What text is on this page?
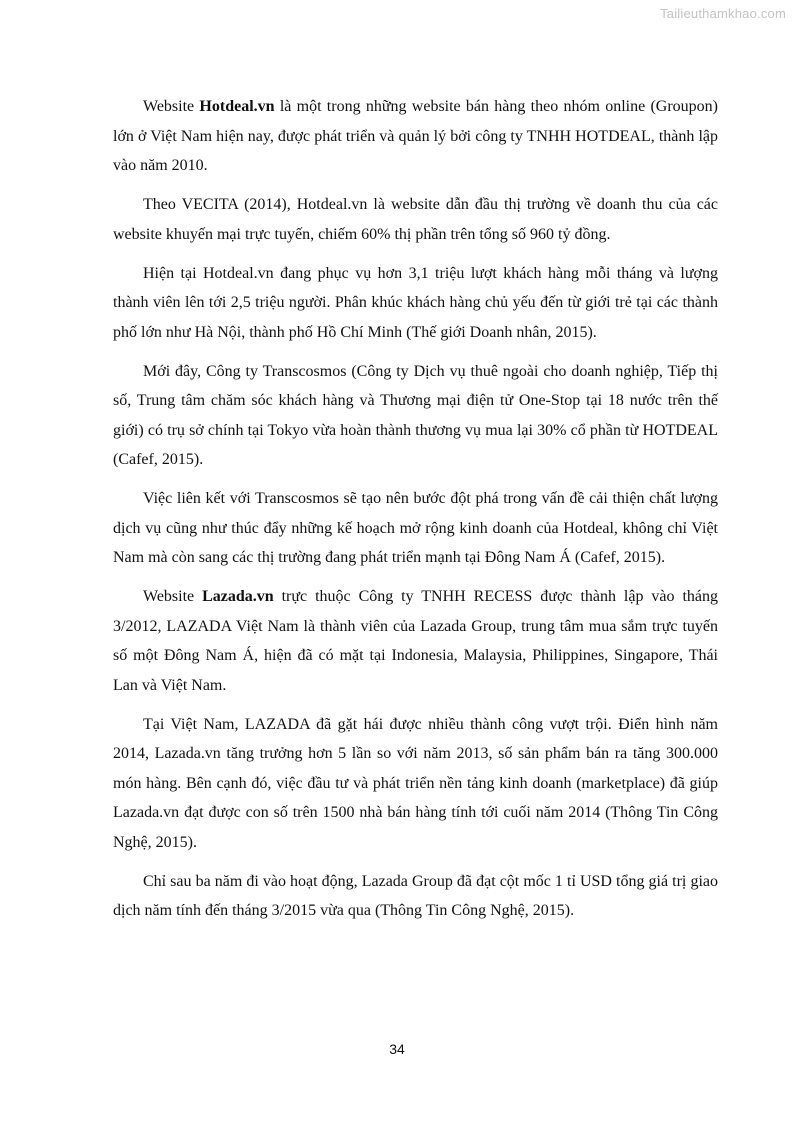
Tailieuthamkhao.com

Website Hotdeal.vn là một trong những website bán hàng theo nhóm online (Groupon) lớn ở Việt Nam hiện nay, được phát triển và quản lý bởi công ty TNHH HOTDEAL, thành lập vào năm 2010.

Theo VECITA (2014), Hotdeal.vn là website dẫn đầu thị trường về doanh thu của các website khuyến mại trực tuyến, chiếm 60% thị phần trên tổng số 960 tỷ đồng.

Hiện tại Hotdeal.vn đang phục vụ hơn 3,1 triệu lượt khách hàng mỗi tháng và lượng thành viên lên tới 2,5 triệu người. Phân khúc khách hàng chủ yếu đến từ giới trẻ tại các thành phố lớn như Hà Nội, thành phố Hồ Chí Minh (Thế giới Doanh nhân, 2015).

Mới đây, Công ty Transcosmos (Công ty Dịch vụ thuê ngoài cho doanh nghiệp, Tiếp thị số, Trung tâm chăm sóc khách hàng và Thương mại điện tử One-Stop tại 18 nước trên thế giới) có trụ sở chính tại Tokyo vừa hoàn thành thương vụ mua lại 30% cổ phần từ HOTDEAL (Cafef, 2015).

Việc liên kết với Transcosmos sẽ tạo nên bước đột phá trong vấn đề cải thiện chất lượng dịch vụ cũng như thúc đẩy những kế hoạch mở rộng kinh doanh của Hotdeal, không chỉ Việt Nam mà còn sang các thị trường đang phát triển mạnh tại Đông Nam Á (Cafef, 2015).

Website Lazada.vn trực thuộc Công ty TNHH RECESS được thành lập vào tháng 3/2012, LAZADA Việt Nam là thành viên của Lazada Group, trung tâm mua sắm trực tuyến số một Đông Nam Á, hiện đã có mặt tại Indonesia, Malaysia, Philippines, Singapore, Thái Lan và Việt Nam.

Tại Việt Nam, LAZADA đã gặt hái được nhiều thành công vượt trội. Điển hình năm 2014, Lazada.vn tăng trưởng hơn 5 lần so với năm 2013, số sản phẩm bán ra tăng 300.000 món hàng. Bên cạnh đó, việc đầu tư và phát triển nền tảng kinh doanh (marketplace) đã giúp Lazada.vn đạt được con số trên 1500 nhà bán hàng tính tới cuối năm 2014 (Thông Tin Công Nghệ, 2015).

Chỉ sau ba năm đi vào hoạt động, Lazada Group đã đạt cột mốc 1 tỉ USD tổng giá trị giao dịch năm tính đến tháng 3/2015 vừa qua (Thông Tin Công Nghệ, 2015).

34
